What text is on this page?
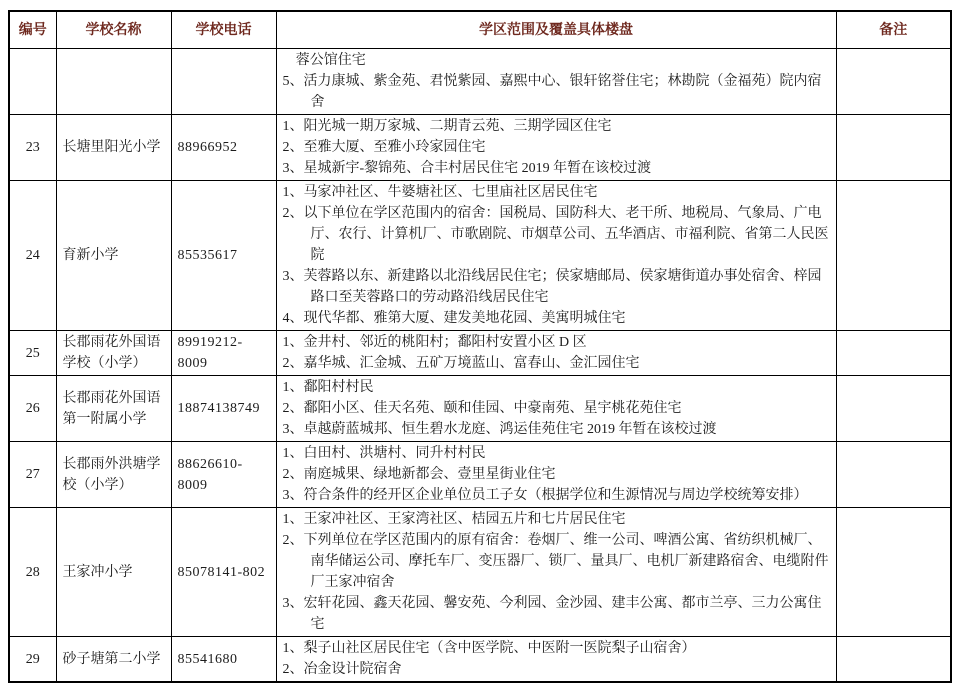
编号	学校名称	学校电话	学区范围及覆盖具体楼盘	备注

			蓉公馆住宅

5、活力康城、紫金苑、君悦紫园、嘉熙中心、银轩铭誉住宅；林勘院（金福苑）院内宿舍	

23	长塘里阳光小学	88966952	1、阳光城一期万家城、二期青云苑、三期学园区住宅

2、至雅大厦、至雅小玲家园住宅

3、星城新宇-黎锦苑、合丰村居民住宅 2019 年暂在该校过渡	

24	育新小学	85535617	1、马家冲社区、牛婆塘社区、七里庙社区居民住宅

2、以下单位在学区范围内的宿舍：国税局、国防科大、老干所、地税局、气象局、广电厅、农行、计算机厂、市歌剧院、市烟草公司、五华酒店、市福利院、省第二人民医院

3、芙蓉路以东、新建路以北沿线居民住宅；侯家塘邮局、侯家塘街道办事处宿舍、梓园路口至芙蓉路口的劳动路沿线居民住宅

4、现代华都、雅第大厦、建发美地花园、美寓明城住宅	

25	长郡雨花外国语学校（小学）	89919212-8009	1、金井村、邻近的桃阳村；鄱阳村安置小区 D 区

2、嘉华城、汇金城、五矿万境蓝山、富春山、金汇园住宅	

26	长郡雨花外国语第一附属小学	18874138749	1、鄱阳村村民

2、鄱阳小区、佳天名苑、颐和佳园、中豪南苑、星宇桃花苑住宅

3、卓越蔚蓝城邦、恒生碧水龙庭、鸿运佳苑住宅 2019 年暂在该校过渡	

27	长郡雨外洪塘学校（小学）	88626610-8009	1、白田村、洪塘村、同升村村民

2、南庭城果、绿地新都会、壹里星街业住宅

3、符合条件的经开区企业单位员工子女（根据学位和生源情况与周边学校统筹安排）	

28	王家冲小学	85078141-802	1、王家冲社区、王家湾社区、桔园五片和七片居民住宅

2、下列单位在学区范围内的原有宿舍：卷烟厂、维一公司、啤酒公寓、省纺织机械厂、南华储运公司、摩托车厂、变压器厂、锁厂、量具厂、电机厂新建路宿舍、电缆附件厂王家冲宿舍

3、宏轩花园、鑫天花园、馨安苑、今利园、金沙园、建丰公寓、都市兰亭、三力公寓住宅	

29	砂子塘第二小学	85541680	1、梨子山社区居民住宅（含中医学院、中医附一医院梨子山宿舍）

2、冶金设计院宿舍	
